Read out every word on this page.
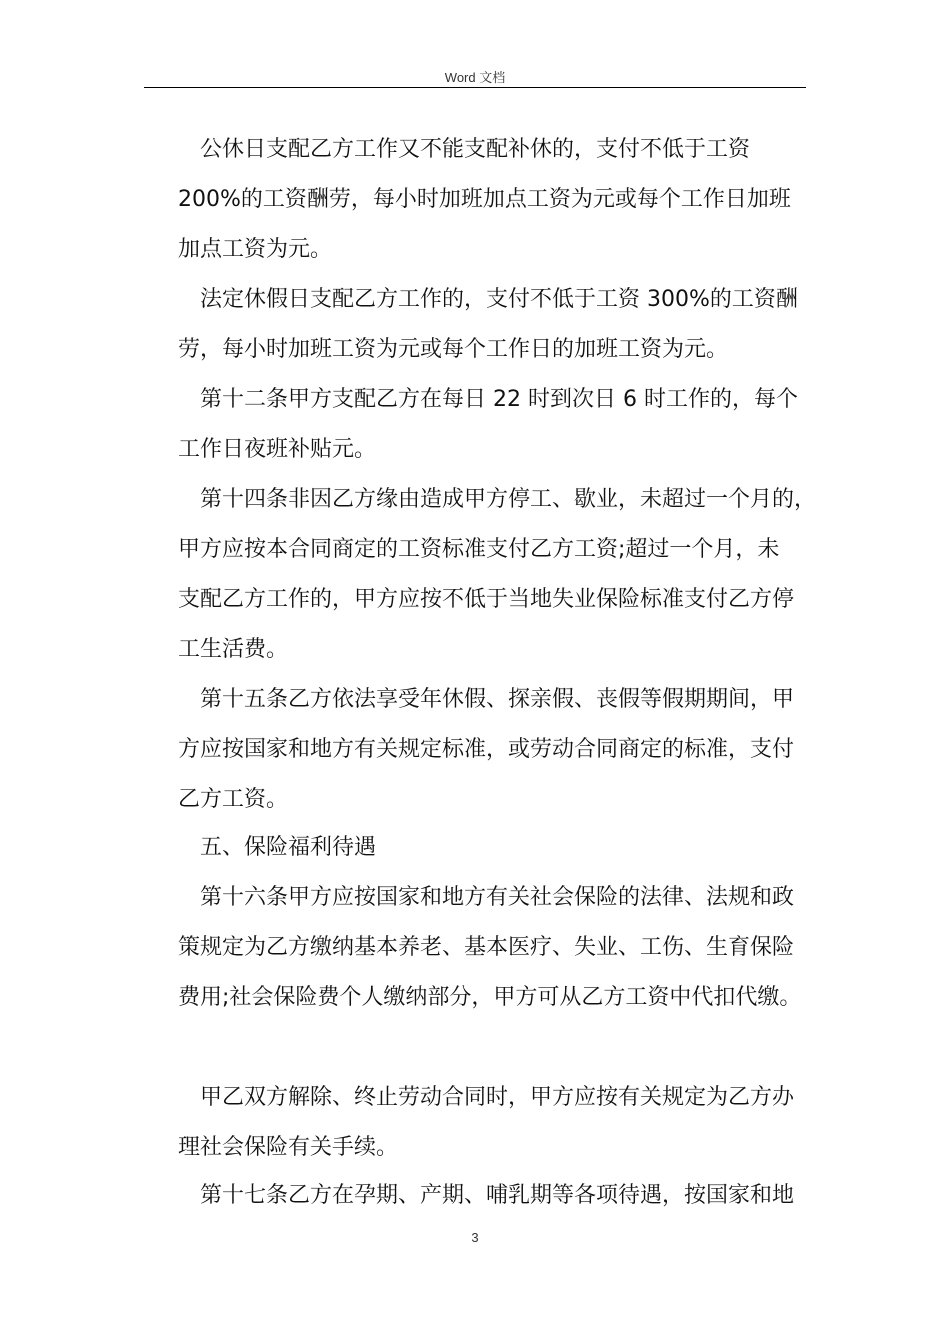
Word 文档
公休日支配乙方工作又不能支配补休的，支付不低于工资
200%的工资酬劳，每小时加班加点工资为元或每个工作日加班
加点工资为元。
法定休假日支配乙方工作的，支付不低于工资 300%的工资酬
劳，每小时加班工资为元或每个工作日的加班工资为元。
第十二条甲方支配乙方在每日 22 时到次日 6 时工作的，每个
工作日夜班补贴元。
第十四条非因乙方缘由造成甲方停工、歇业，未超过一个月的，
甲方应按本合同商定的工资标准支付乙方工资;超过一个月，未
支配乙方工作的，甲方应按不低于当地失业保险标准支付乙方停
工生活费。
第十五条乙方依法享受年休假、探亲假、丧假等假期期间，甲
方应按国家和地方有关规定标准，或劳动合同商定的标准，支付
乙方工资。
五、保险福利待遇
第十六条甲方应按国家和地方有关社会保险的法律、法规和政
策规定为乙方缴纳基本养老、基本医疗、失业、工伤、生育保险
费用;社会保险费个人缴纳部分，甲方可从乙方工资中代扣代缴。
甲乙双方解除、终止劳动合同时，甲方应按有关规定为乙方办
理社会保险有关手续。
第十七条乙方在孕期、产期、哺乳期等各项待遇，按国家和地
3
